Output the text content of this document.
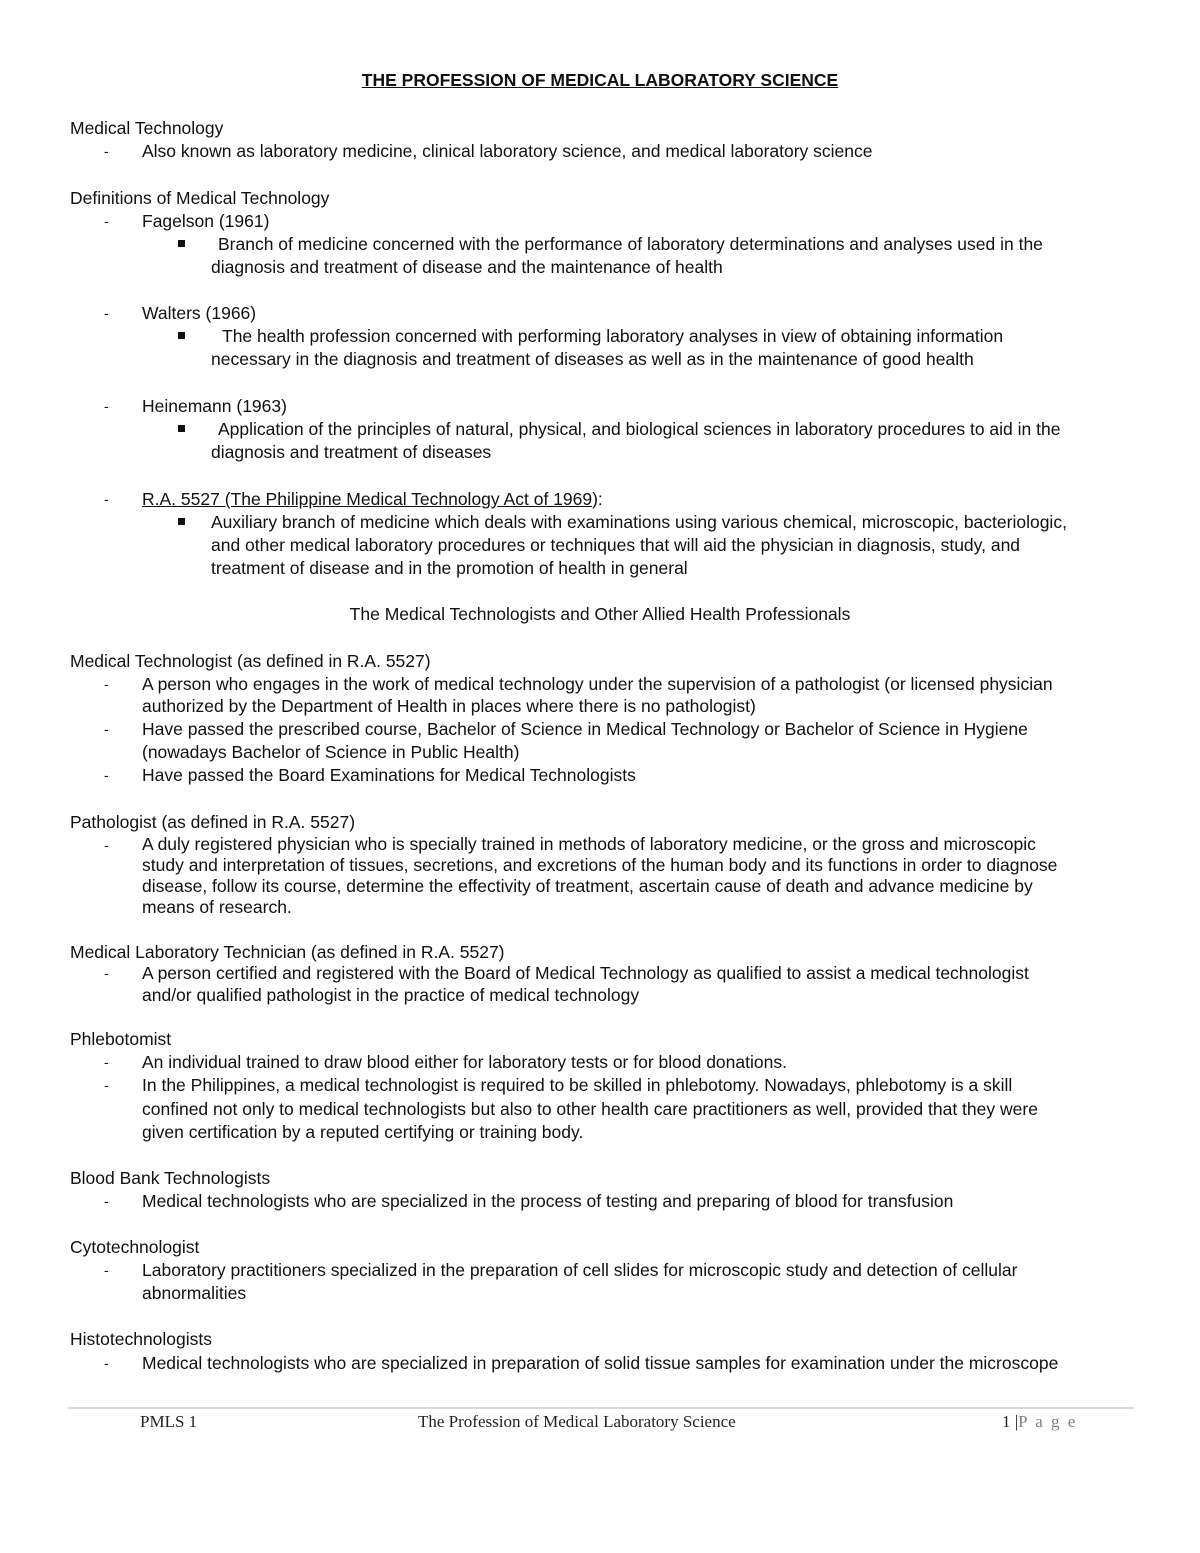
THE PROFESSION OF MEDICAL LABORATORY SCIENCE
Medical Technology
- Also known as laboratory medicine, clinical laboratory science, and medical laboratory science
Definitions of Medical Technology
- Fagelson (1961)
Branch of medicine concerned with the performance of laboratory determinations and analyses used in the
diagnosis and treatment of disease and the maintenance of health
- Walters (1966)
The health profession concerned with performing laboratory analyses in view of obtaining information
necessary in the diagnosis and treatment of diseases as well as in the maintenance of good health
- Heinemann (1963)
Application of the principles of natural, physical, and biological sciences in laboratory procedures to aid in the
diagnosis and treatment of diseases
- R.A. 5527 (The Philippine Medical Technology Act of 1969):
Auxiliary branch of medicine which deals with examinations using various chemical, microscopic, bacteriologic,
and other medical laboratory procedures or techniques that will aid the physician in diagnosis, study, and
treatment of disease and in the promotion of health in general
The Medical Technologists and Other Allied Health Professionals
Medical Technologist (as defined in R.A. 5527)
- A person who engages in the work of medical technology under the supervision of a pathologist (or licensed physician
authorized by the Department of Health in places where there is no pathologist)
- Have passed the prescribed course, Bachelor of Science in Medical Technology or Bachelor of Science in Hygiene
(nowadays Bachelor of Science in Public Health)
- Have passed the Board Examinations for Medical Technologists
Pathologist (as defined in R.A. 5527)
- A duly registered physician who is specially trained in methods of laboratory medicine, or the gross and microscopic
study and interpretation of tissues, secretions, and excretions of the human body and its functions in order to diagnose
disease, follow its course, determine the effectivity of treatment, ascertain cause of death and advance medicine by
means of research.
Medical Laboratory Technician (as defined in R.A. 5527)
- A person certified and registered with the Board of Medical Technology as qualified to assist a medical technologist
and/or qualified pathologist in the practice of medical technology
Phlebotomist
- An individual trained to draw blood either for laboratory tests or for blood donations.
- In the Philippines, a medical technologist is required to be skilled in phlebotomy. Nowadays, phlebotomy is a skill
confined not only to medical technologists but also to other health care practitioners as well, provided that they were
given certification by a reputed certifying or training body.
Blood Bank Technologists
- Medical technologists who are specialized in the process of testing and preparing of blood for transfusion
Cytotechnologist
- Laboratory practitioners specialized in the preparation of cell slides for microscopic study and detection of cellular
abnormalities
Histotechnologists
- Medical technologists who are specialized in preparation of solid tissue samples for examination under the microscope
PMLS 1	The Profession of Medical Laboratory Science	1 |P a g e
